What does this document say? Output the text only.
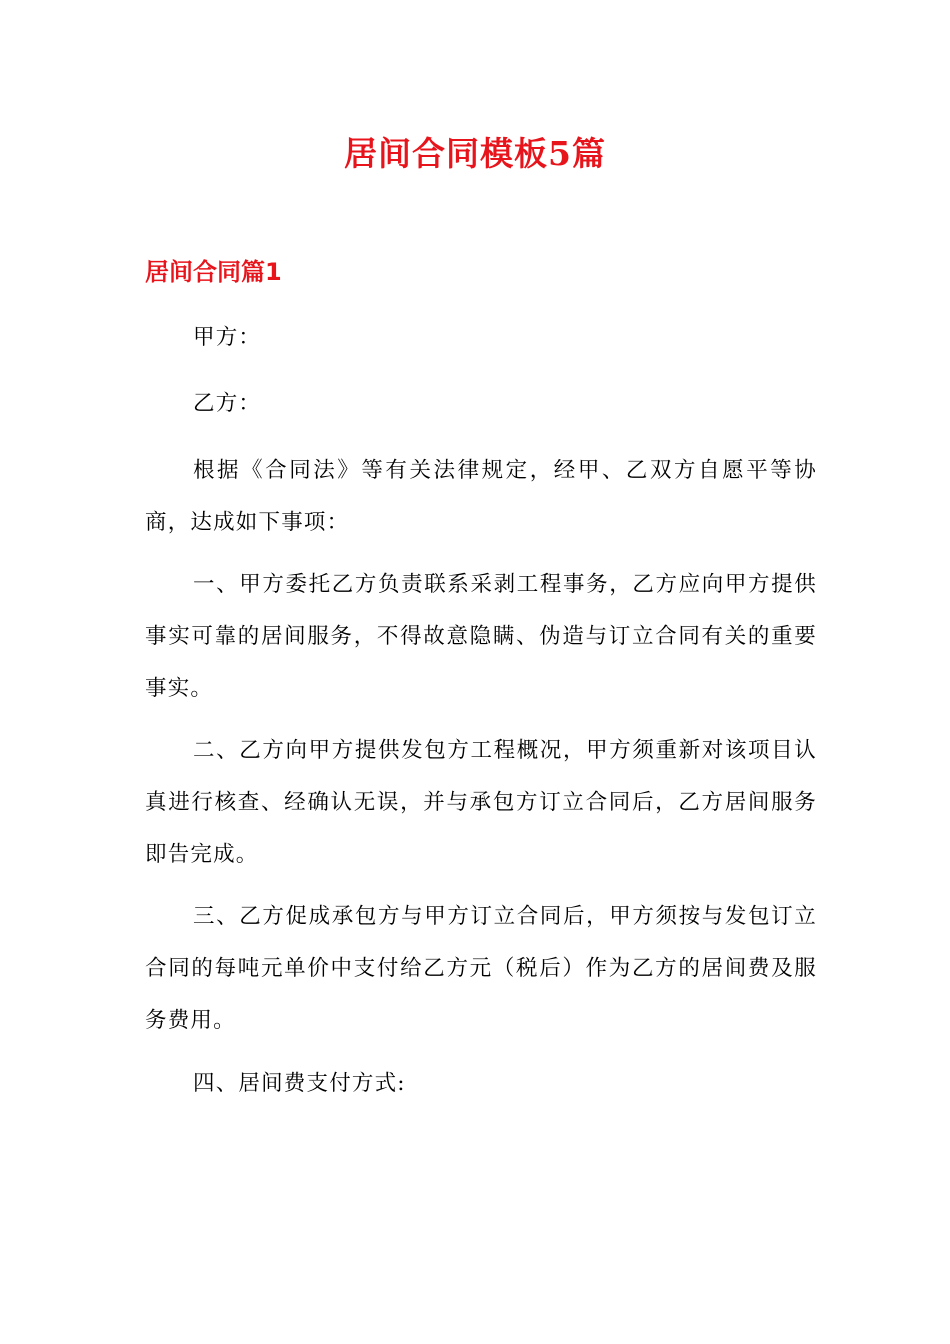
居间合同模板5篇
居间合同篇1

甲方：

乙方：

根据《合同法》等有关法律规定，经甲、乙双方自愿平等协商，达成如下事项：

一、甲方委托乙方负责联系采剥工程事务，乙方应向甲方提供事实可靠的居间服务，不得故意隐瞒、伪造与订立合同有关的重要事实。

二、乙方向甲方提供发包方工程概况，甲方须重新对该项目认真进行核查、经确认无误，并与承包方订立合同后，乙方居间服务即告完成。

三、乙方促成承包方与甲方订立合同后，甲方须按与发包订立合同的每吨元单价中支付给乙方元（税后）作为乙方的居间费及服务费用。

四、居间费支付方式:
